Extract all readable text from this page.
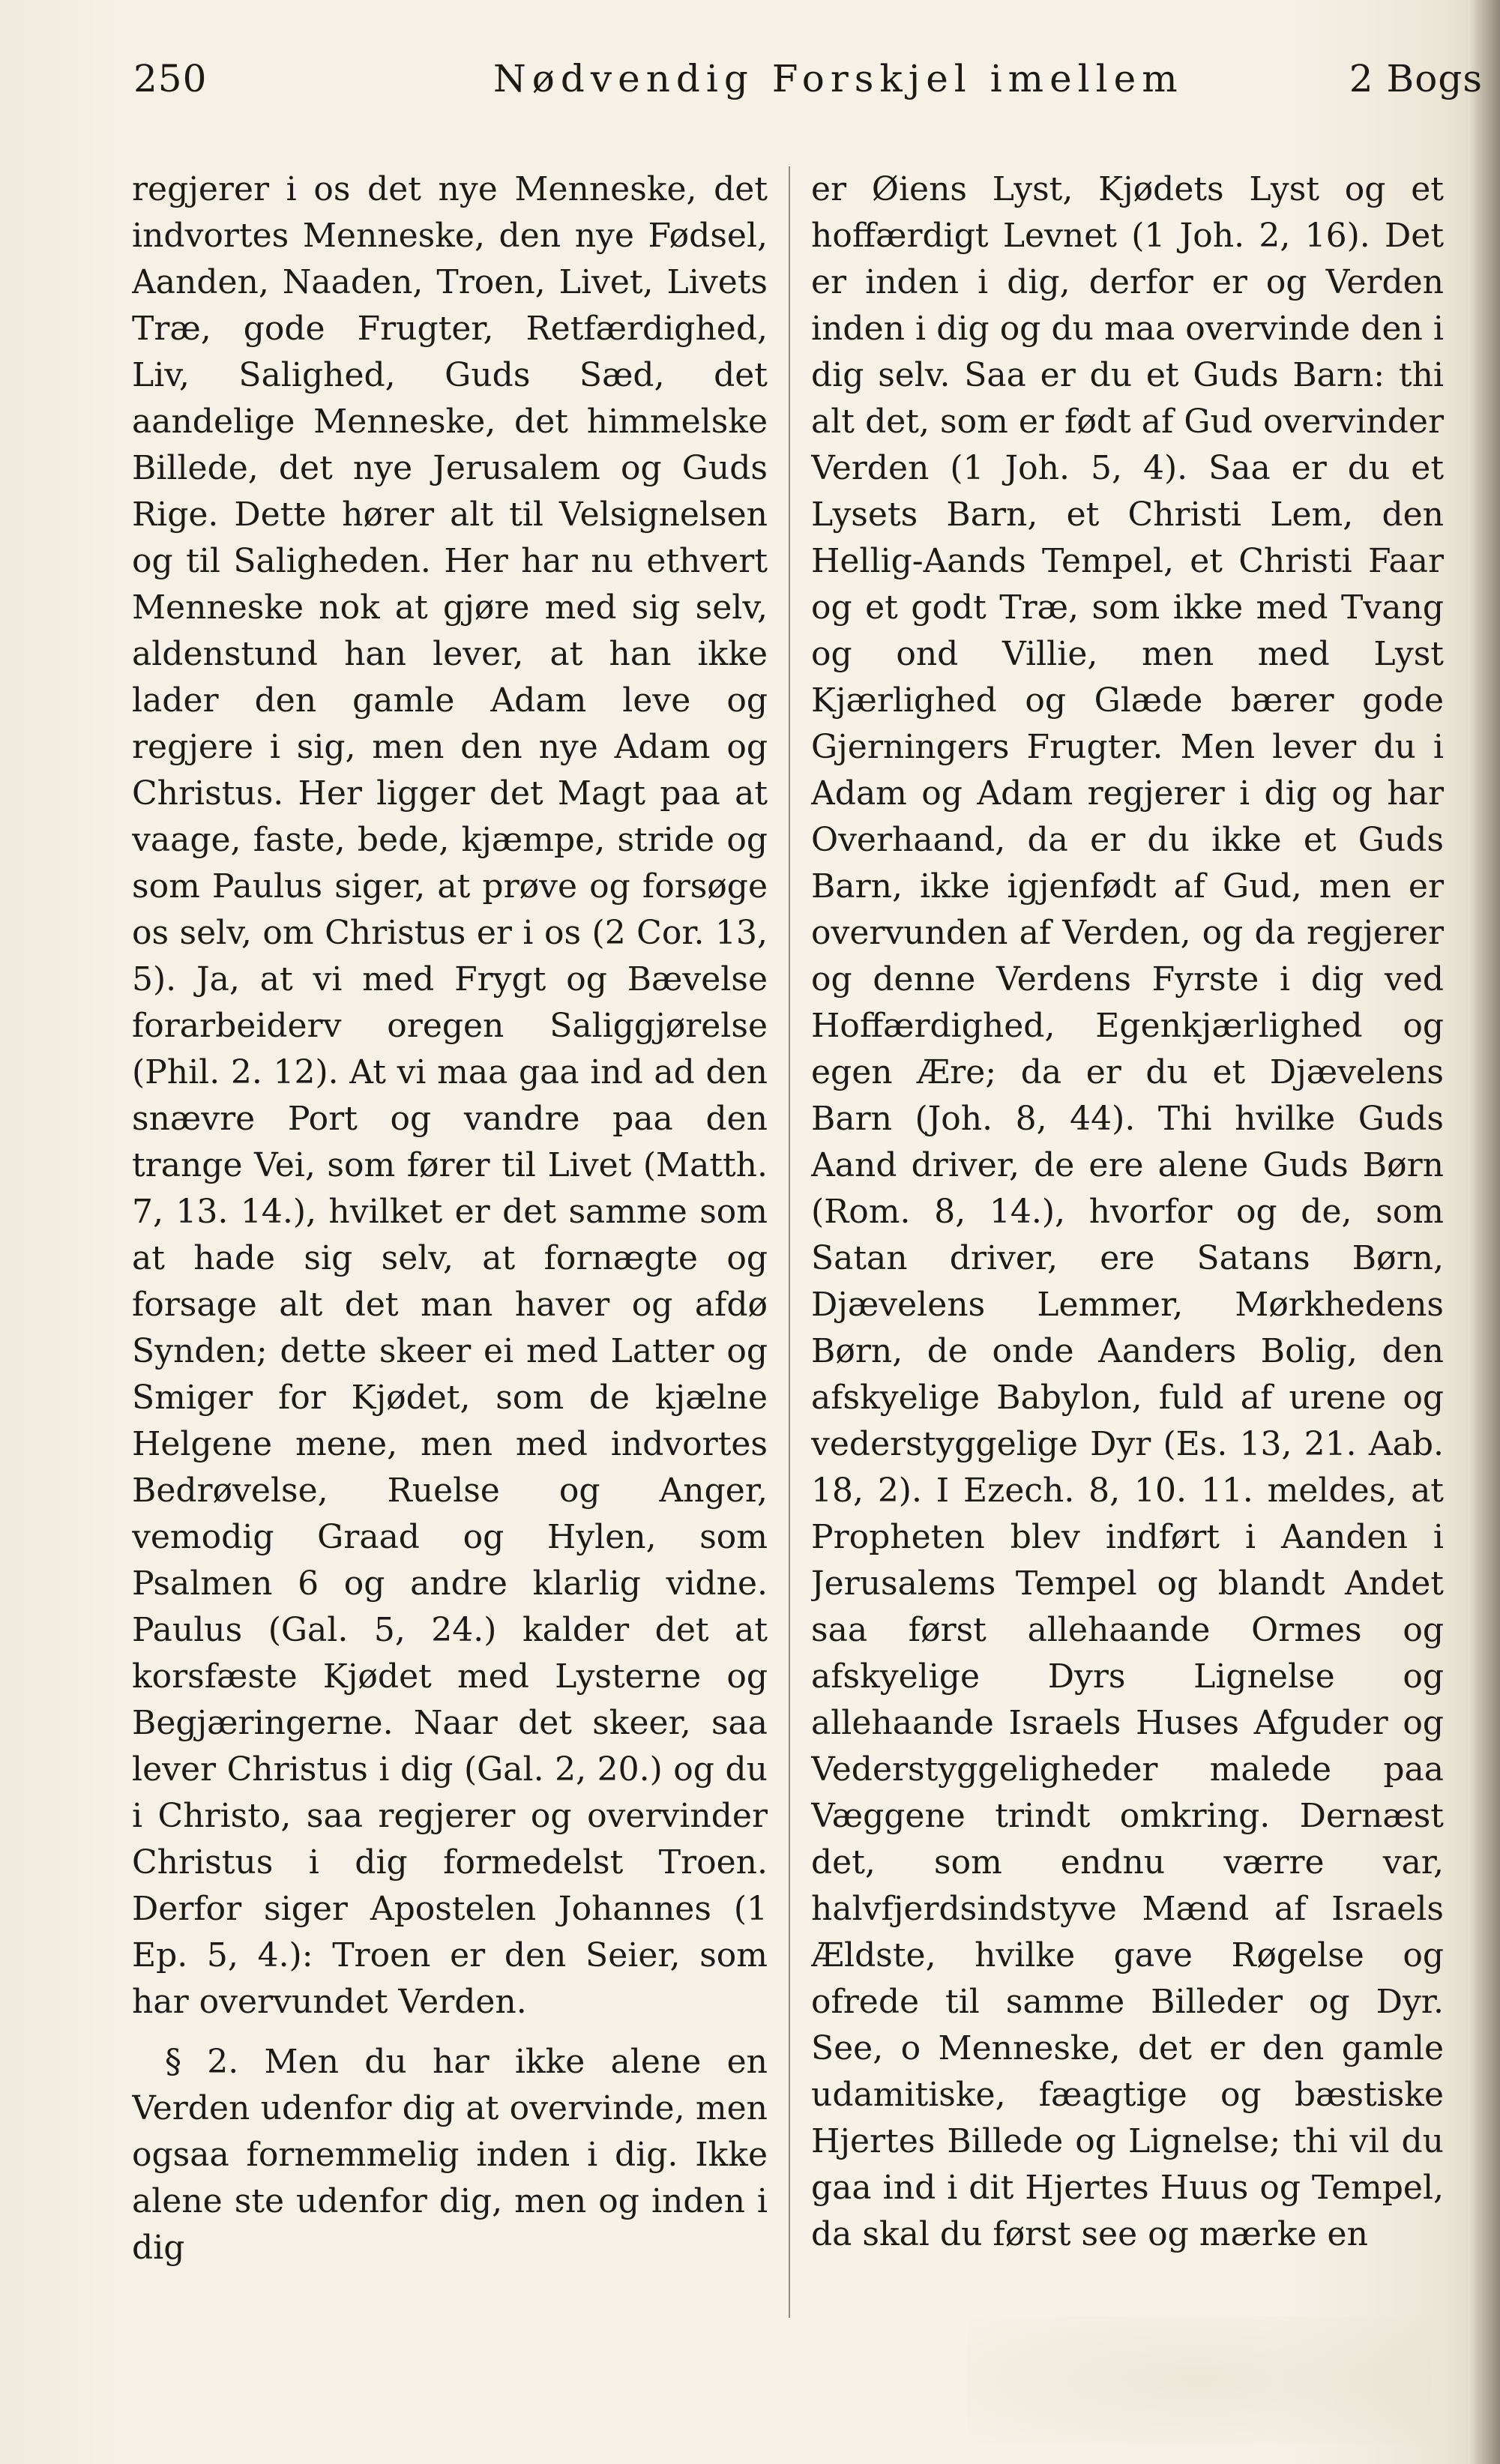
250	Nødvendig Forskjel imellem	2 Bogs

regjerer i os det nye Menneske, det indvortes Menneske, den nye Fødsel, Aanden, Naaden, Troen, Livet, Livets Træ, gode Frugter, Retfærdighed, Liv, Salighed, Guds Sæd, det aandelige Menneske, det himmelske Billede, det nye Jerusalem og Guds Rige. Dette hører alt til Velsignelsen og til Saligheden. Her har nu ethvert Menneske nok at gjøre med sig selv, aldenstund han lever, at han ikke lader den gamle Adam leve og regjere i sig, men den nye Adam og Christus. Her ligger det Magt paa at vaage, faste, bede, kjæmpe, stride og som Paulus siger, at prøve og forsøge os selv, om Christus er i os (2 Cor. 13, 5). Ja, at vi med Frygt og Bævelse forarbeiderv oregen Saliggjørelse (Phil. 2. 12). At vi maa gaa ind ad den snævre Port og vandre paa den trange Vei, som fører til Livet (Matth. 7, 13. 14.), hvilket er det samme som at hade sig selv, at fornægte og forsage alt det man haver og afdø Synden; dette skeer ei med Latter og Smiger for Kjødet, som de kjælne Helgene mene, men med indvortes Bedrøvelse, Ruelse og Anger, vemodig Graad og Hylen, som Psalmen 6 og andre klarlig vidne. Paulus (Gal. 5, 24.) kalder det at korsfæste Kjødet med Lysterne og Begjæringerne. Naar det skeer, saa lever Christus i dig (Gal. 2, 20.) og du i Christo, saa regjerer og overvinder Christus i dig formedelst Troen. Derfor siger Apostelen Johannes (1 Ep. 5, 4.): Troen er den Seier, som har overvundet Verden.

§ 2. Men du har ikke alene en Verden udenfor dig at overvinde, men ogsaa fornemmelig inden i dig. Ikke alene ste udenfor dig, men og inden i dig

er Øiens Lyst, Kjødets Lyst og et hoffærdigt Levnet (1 Joh. 2, 16). Det er inden i dig, derfor er og Verden inden i dig og du maa overvinde den i dig selv. Saa er du et Guds Barn: thi alt det, som er født af Gud overvinder Verden (1 Joh. 5, 4). Saa er du et Lysets Barn, et Christi Lem, den Hellig-Aands Tempel, et Christi Faar og et godt Træ, som ikke med Tvang og ond Villie, men med Lyst Kjærlighed og Glæde bærer gode Gjerningers Frugter. Men lever du i Adam og Adam regjerer i dig og har Overhaand, da er du ikke et Guds Barn, ikke igjenfødt af Gud, men er overvunden af Verden, og da regjerer og denne Verdens Fyrste i dig ved Hoffærdighed, Egenkjærlighed og egen Ære; da er du et Djævelens Barn (Joh. 8, 44). Thi hvilke Guds Aand driver, de ere alene Guds Børn (Rom. 8, 14.), hvorfor og de, som Satan driver, ere Satans Børn, Djævelens Lemmer, Mørkhedens Børn, de onde Aanders Bolig, den afskyelige Babylon, fuld af urene og vederstyggelige Dyr (Es. 13, 21. Aab. 18, 2). I Ezech. 8, 10. 11. meldes, at Propheten blev indført i Aanden i Jerusalems Tempel og blandt Andet saa først allehaande Ormes og afskyelige Dyrs Lignelse og allehaande Israels Huses Afguder og Vederstyggeligheder malede paa Væggene trindt omkring. Dernæst det, som endnu værre var, halvfjerdsindstyve Mænd af Israels Ældste, hvilke gave Røgelse og ofrede til samme Billeder og Dyr. See, o Menneske, det er den gamle udamitiske, fæagtige og bæstiske Hjertes Billede og Lignelse; thi vil du gaa ind i dit Hjertes Huus og Tempel, da skal du først see og mærke en
